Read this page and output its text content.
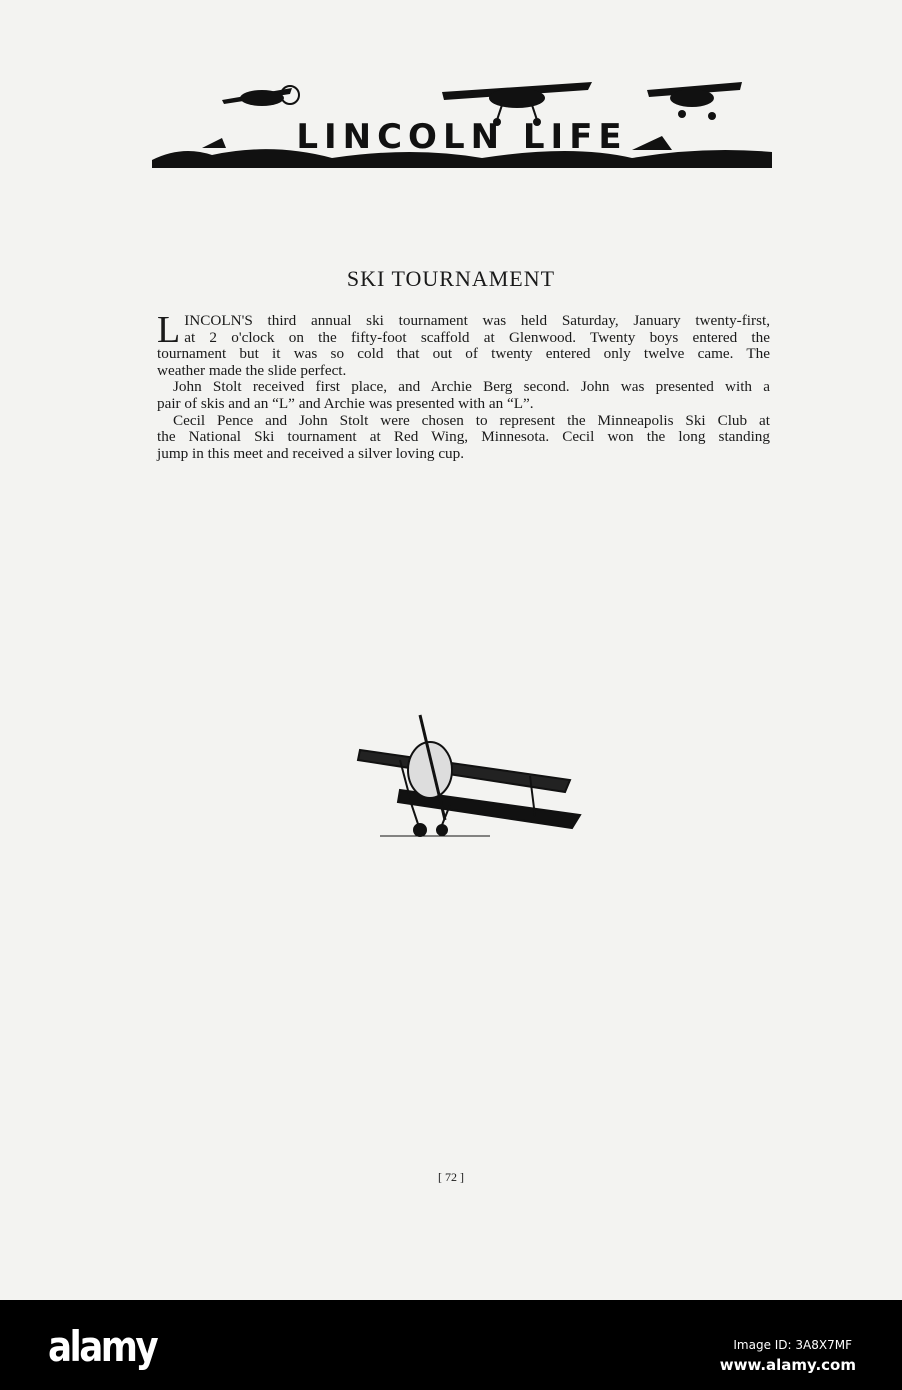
LINCOLN LIFE
SKI TOURNAMENT
L INCOLN'S third annual ski tournament was held Saturday, January twenty-first,
at 2 o'clock on the fifty-foot scaffold at Glenwood. Twenty boys entered the
tournament but it was so cold that out of twenty entered only twelve came. The
weather made the slide perfect.
John Stolt received first place, and Archie Berg second. John was presented with a
pair of skis and an “L” and Archie was presented with an “L”.
Cecil Pence and John Stolt were chosen to represent the Minneapolis Ski Club at
the National Ski tournament at Red Wing, Minnesota. Cecil won the long standing
jump in this meet and received a silver loving cup.
[ 72 ]
alamy	Image ID: 3A8X7MF
www.alamy.com
